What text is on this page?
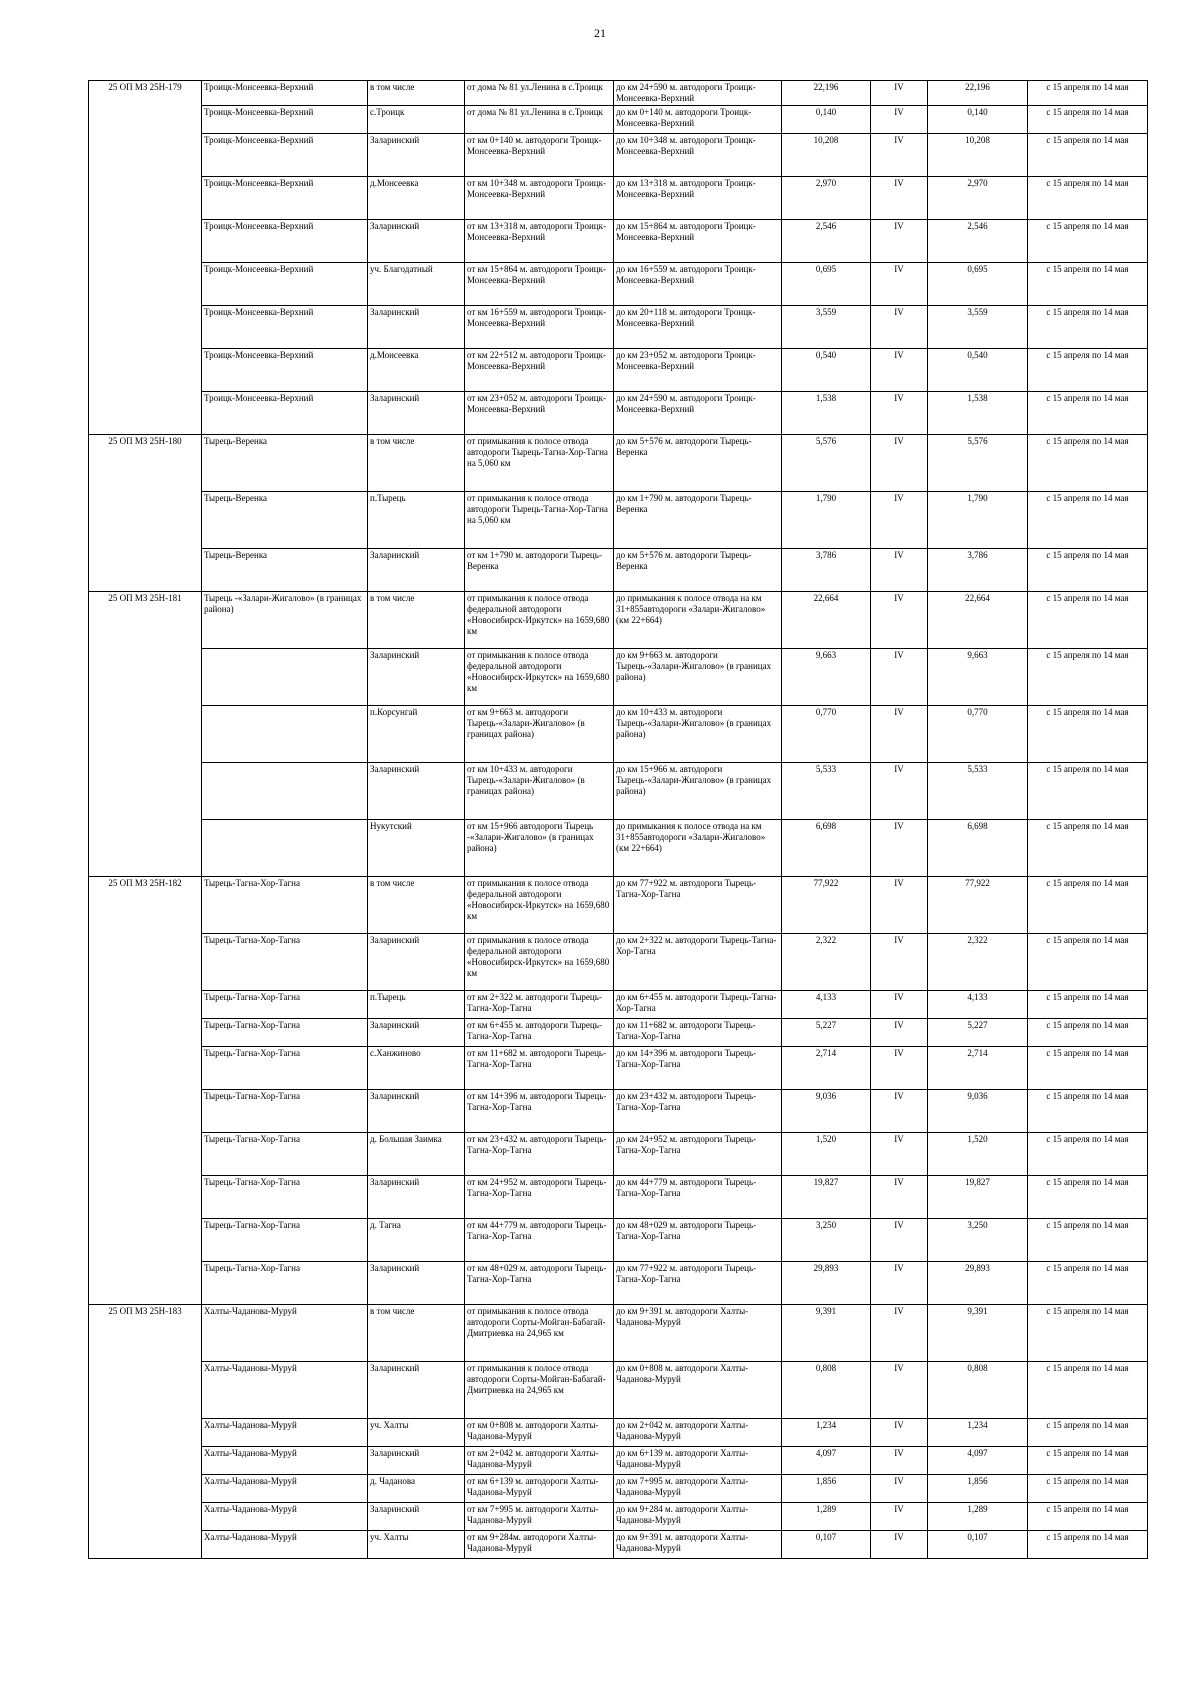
21
25 ОП МЗ 25Н-179	Троицк-Монсеевка-Верхний	в том числе	от дома № 81 ул.Ленина в с.Троицк	до км 24+590 м. автодороги Троицк-Монсеевка-Верхний	22,196	IV	22,196	с 15 апреля по 14 мая
	Троицк-Монсеевка-Верхний	с.Троицк	от дома № 81 ул.Ленина в с.Троицк	до км 0+140 м. автодороги Троицк-Монсеевка-Верхний	0,140	IV	0,140	с 15 апреля по 14 мая
	Троицк-Монсеевка-Верхний	Заларинский	от км 0+140 м. автодороги Троицк-Монсеевка-Верхний	до км 10+348 м. автодороги Троицк-Монсеевка-Верхний	10,208	IV	10,208	с 15 апреля по 14 мая
	Троицк-Монсеевка-Верхний	д.Монсеевка	от км 10+348 м. автодороги Троицк-Монсеевка-Верхний	до км 13+318 м. автодороги Троицк-Монсеевка-Верхний	2,970	IV	2,970	с 15 апреля по 14 мая
	Троицк-Монсеевка-Верхний	Заларинский	от км 13+318 м. автодороги Троицк-Монсеевка-Верхний	до км 15+864 м. автодороги Троицк-Монсеевка-Верхний	2,546	IV	2,546	с 15 апреля по 14 мая
	Троицк-Монсеевка-Верхний	уч. Благодатный	от км 15+864 м. автодороги Троицк-Монсеевка-Верхний	до км 16+559 м. автодороги Троицк-Монсеевка-Верхний	0,695	IV	0,695	с 15 апреля по 14 мая
	Троицк-Монсеевка-Верхний	Заларинский	от км 16+559 м. автодороги Троицк-Монсеевка-Верхний	до км 20+118 м. автодороги Троицк-Монсеевка-Верхний	3,559	IV	3,559	с 15 апреля по 14 мая
	Троицк-Монсеевка-Верхний	д.Монсеевка	от км 22+512 м. автодороги Троицк-Монсеевка-Верхний	до км 23+052 м. автодороги Троицк-Монсеевка-Верхний	0,540	IV	0,540	с 15 апреля по 14 мая
	Троицк-Монсеевка-Верхний	Заларинский	от км 23+052 м. автодороги Троицк-Монсеевка-Верхний	до км 24+590 м. автодороги Троицк-Монсеевка-Верхний	1,538	IV	1,538	с 15 апреля по 14 мая
25 ОП МЗ 25Н-180	Тырець-Веренка	в том числе	от примыкания к полосе отвода автодороги Тырець-Тагна-Хор-Тагна на 5,060 км	до км 5+576 м. автодороги Тырець-Веренка	5,576	IV	5,576	с 15 апреля по 14 мая
	Тырець-Веренка	п.Тырець	от примыкания к полосе отвода автодороги Тырець-Тагна-Хор-Тагна на 5,060 км	до км 1+790 м. автодороги Тырець-Веренка	1,790	IV	1,790	с 15 апреля по 14 мая
	Тырець-Веренка	Заларинский	от км 1+790 м. автодороги Тырець-Веренка	до км 5+576 м. автодороги Тырець-Веренка	3,786	IV	3,786	с 15 апреля по 14 мая
25 ОП МЗ 25Н-181	Тырець -«Залари-Жигалово» (в границах района)	в том числе	от примыкания к полосе отвода федеральной автодороги «Новосибирск-Иркутск» на 1659,680 км	до примыкания к полосе отвода на км 31+855автодороги «Залари-Жигалово» (км 22+664)	22,664	IV	22,664	с 15 апреля по 14 мая
		Заларинский	от примыкания к полосе отвода федеральной автодороги «Новосибирск-Иркутск» на 1659,680 км	до км 9+663 м. автодороги Тырець-«Залари-Жигалово» (в границах района)	9,663	IV	9,663	с 15 апреля по 14 мая
		п.Корсунгай	от км 9+663 м. автодороги Тырець-«Залари-Жигалово» (в границах района)	до км 10+433 м. автодороги Тырець-«Залари-Жигалово» (в границах района)	0,770	IV	0,770	с 15 апреля по 14 мая
		Заларинский	от км 10+433 м. автодороги Тырець-«Залари-Жигалово» (в границах района)	до км 15+966 м. автодороги Тырець-«Залари-Жигалово» (в границах района)	5,533	IV	5,533	с 15 апреля по 14 мая
		Нукутский	от км 15+966 автодороги Тырець -«Залари-Жигалово» (в границах района)	до примыкания к полосе отвода на км 31+855автодороги «Залари-Жигалово» (км 22+664)	6,698	IV	6,698	с 15 апреля по 14 мая
25 ОП МЗ 25Н-182	Тырець-Тагна-Хор-Тагна	в том числе	от примыкания к полосе отвода федеральной автодороги «Новосибирск-Иркутск» на 1659,680 км	до км 77+922 м. автодороги Тырець-Тагна-Хор-Тагна	77,922	IV	77,922	с 15 апреля по 14 мая
	Тырець-Тагна-Хор-Тагна	Заларинский	от примыкания к полосе отвода федеральной автодороги «Новосибирск-Иркутск» на 1659,680 км	до км 2+322 м. автодороги Тырець-Тагна-Хор-Тагна	2,322	IV	2,322	с 15 апреля по 14 мая
	Тырець-Тагна-Хор-Тагна	п.Тырець	от км 2+322 м. автодороги Тырець-Тагна-Хор-Тагна	до км 6+455 м. автодороги Тырець-Тагна-Хор-Тагна	4,133	IV	4,133	с 15 апреля по 14 мая
	Тырець-Тагна-Хор-Тагна	Заларинский	от км 6+455 м. автодороги Тырець-Тагна-Хор-Тагна	до км 11+682 м. автодороги Тырець-Тагна-Хор-Тагна	5,227	IV	5,227	с 15 апреля по 14 мая
	Тырець-Тагна-Хор-Тагна	с.Ханжиново	от км 11+682 м. автодороги Тырець-Тагна-Хор-Тагна	до км 14+396 м. автодороги Тырець-Тагна-Хор-Тагна	2,714	IV	2,714	с 15 апреля по 14 мая
	Тырець-Тагна-Хор-Тагна	Заларинский	от км 14+396 м. автодороги Тырець-Тагна-Хор-Тагна	до км 23+432 м. автодороги Тырець-Тагна-Хор-Тагна	9,036	IV	9,036	с 15 апреля по 14 мая
	Тырець-Тагна-Хор-Тагна	д. Большая Заимка	от км 23+432 м. автодороги Тырець-Тагна-Хор-Тагна	до км 24+952 м. автодороги Тырець-Тагна-Хор-Тагна	1,520	IV	1,520	с 15 апреля по 14 мая
	Тырець-Тагна-Хор-Тагна	Заларинский	от км 24+952 м. автодороги Тырець-Тагна-Хор-Тагна	до км 44+779 м. автодороги Тырець-Тагна-Хор-Тагна	19,827	IV	19,827	с 15 апреля по 14 мая
	Тырець-Тагна-Хор-Тагна	д. Тагна	от км 44+779 м. автодороги Тырець-Тагна-Хор-Тагна	до км 48+029 м. автодороги Тырець-Тагна-Хор-Тагна	3,250	IV	3,250	с 15 апреля по 14 мая
	Тырець-Тагна-Хор-Тагна	Заларинский	от км 48+029 м. автодороги Тырець-Тагна-Хор-Тагна	до км 77+922 м. автодороги Тырець-Тагна-Хор-Тагна	29,893	IV	29,893	с 15 апреля по 14 мая
25 ОП МЗ 25Н-183	Халты-Чаданова-Муруй	в том числе	от примыкания к полосе отвода автодороги Сорты-Мойган-Бабагай-Дмитриевка на 24,965 км	до км 9+391 м. автодороги Халты-Чаданова-Муруй	9,391	IV	9,391	с 15 апреля по 14 мая
	Халты-Чаданова-Муруй	Заларинский	от примыкания к полосе отвода автодороги Сорты-Мойган-Бабагай-Дмитриевка на 24,965 км	до км 0+808 м. автодороги Халты-Чаданова-Муруй	0,808	IV	0,808	с 15 апреля по 14 мая
	Халты-Чаданова-Муруй	уч. Халты	от км 0+808 м. автодороги Халты-Чаданова-Муруй	до км 2+042 м. автодороги Халты-Чаданова-Муруй	1,234	IV	1,234	с 15 апреля по 14 мая
	Халты-Чаданова-Муруй	Заларинский	от км 2+042 м. автодороги Халты-Чаданова-Муруй	до км 6+139 м. автодороги Халты-Чаданова-Муруй	4,097	IV	4,097	с 15 апреля по 14 мая
	Халты-Чаданова-Муруй	д. Чаданова	от км 6+139 м. автодороги Халты-Чаданова-Муруй	до км 7+995 м. автодороги Халты-Чаданова-Муруй	1,856	IV	1,856	с 15 апреля по 14 мая
	Халты-Чаданова-Муруй	Заларинский	от км 7+995 м. автодороги Халты-Чаданова-Муруй	до км 9+284 м. автодороги Халты-Чаданова-Муруй	1,289	IV	1,289	с 15 апреля по 14 мая
	Халты-Чаданова-Муруй	уч. Халты	от км 9+284м. автодороги Халты-Чаданова-Муруй	до км 9+391 м. автодороги Халты-Чаданова-Муруй	0,107	IV	0,107	с 15 апреля по 14 мая
